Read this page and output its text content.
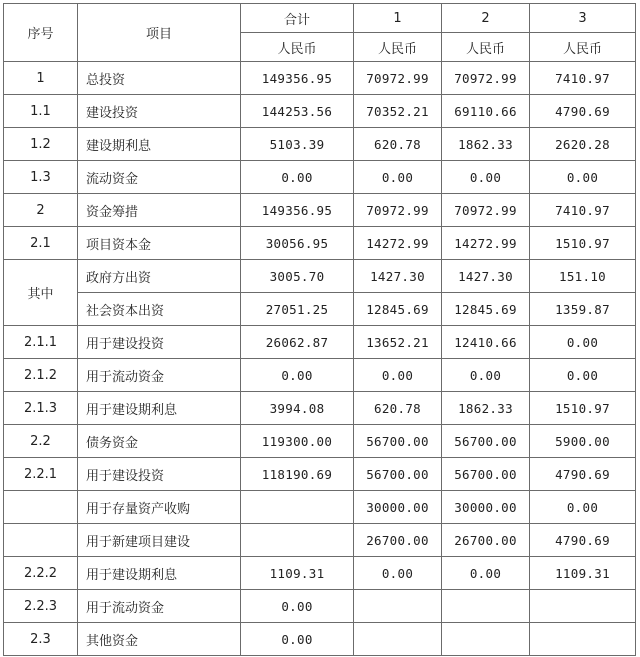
序号	项目	合计	1	2	3
		人民币	人民币	人民币	人民币
1	总投资	149356.95	70972.99	70972.99	7410.97
1.1	建设投资	144253.56	70352.21	69110.66	4790.69
1.2	建设期利息	5103.39	620.78	1862.33	2620.28
1.3	流动资金	0.00	0.00	0.00	0.00
2	资金筹措	149356.95	70972.99	70972.99	7410.97
2.1	项目资本金	30056.95	14272.99	14272.99	1510.97
其中	政府方出资	3005.70	1427.30	1427.30	151.10
	社会资本出资	27051.25	12845.69	12845.69	1359.87
2.1.1	用于建设投资	26062.87	13652.21	12410.66	0.00
2.1.2	用于流动资金	0.00	0.00	0.00	0.00
2.1.3	用于建设期利息	3994.08	620.78	1862.33	1510.97
2.2	债务资金	119300.00	56700.00	56700.00	5900.00
2.2.1	用于建设投资	118190.69	56700.00	56700.00	4790.69
	用于存量资产收购		30000.00	30000.00	0.00
	用于新建项目建设		26700.00	26700.00	4790.69
2.2.2	用于建设期利息	1109.31	0.00	0.00	1109.31
2.2.3	用于流动资金	0.00			
2.3	其他资金	0.00			
